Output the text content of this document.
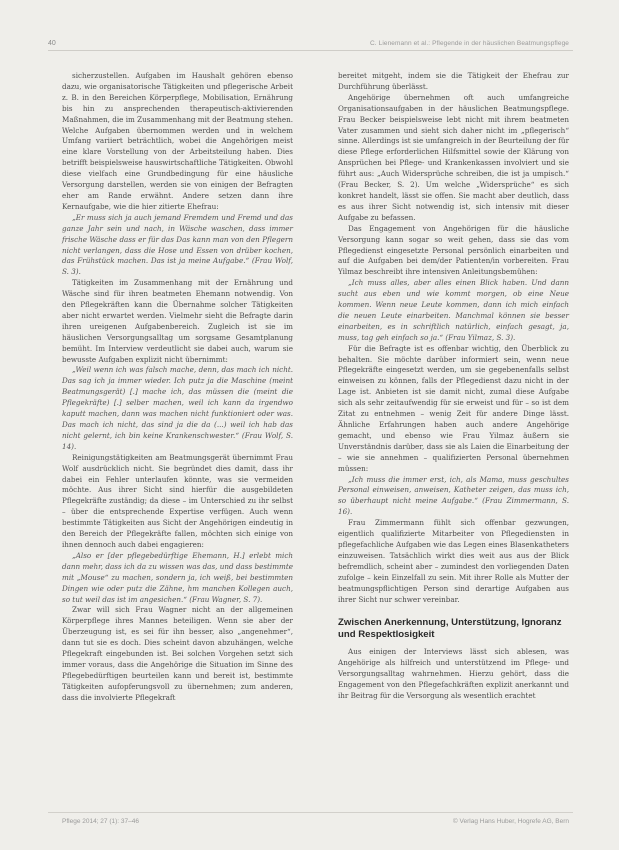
40	C. Lienemann et al.: Pflegende in der häuslichen Beatmungspflege

sicherzustellen. Aufgaben im Haushalt gehören ebenso dazu, wie organisatorische Tätigkeiten und pflegerische Arbeit z. B. in den Bereichen Körperpflege, Mobilisation, Ernährung bis hin zu ansprechenden therapeutisch-aktivierenden Maßnahmen, die im Zusammenhang mit der Beatmung stehen. Welche Aufgaben übernommen werden und in welchem Umfang variiert beträchtlich, wobei die Angehörigen meist eine klare Vorstellung von der Arbeitsteilung haben. Dies betrifft beispielsweise hauswirtschaftliche Tätigkeiten. Obwohl diese vielfach eine Grundbedingung für eine häusliche Versorgung darstellen, werden sie von einigen der Befragten eher am Rande erwähnt. Andere setzen dann ihre Kernaufgabe, wie die hier zitierte Ehefrau:

„Er muss sich ja auch jemand Fremdem und Fremd und das ganze Jahr sein und nach, in Wäsche waschen, dass immer frische Wäsche dass er für das Das kann man von den Pflegern nicht verlangen, dass die Hose und Essen von drüber kochen, das Frühstück machen. Das ist ja meine Aufgabe.“ (Frau Wolf, S. 3).

Tätigkeiten im Zusammenhang mit der Ernährung und Wäsche sind für ihren beatmeten Ehemann notwendig. Von den Pflegekräften kann die Übernahme solcher Tätigkeiten aber nicht erwartet werden. Vielmehr sieht die Befragte darin ihren ureigenen Aufgabenbereich. Zugleich ist sie im häuslichen Versorgungsalltag um sorgsame Gesamtplanung bemüht. Im Interview verdeutlicht sie dabei auch, warum sie bewusste Aufgaben explizit nicht übernimmt:

„Weil wenn ich was falsch mache, denn, das mach ich nicht. Das sag ich ja immer wieder. Ich putz ja die Maschine (meint Beatmungsgerät) [.] mache ich, das müssen die (meint die Pflegekräfte) [.] selber machen, weil ich kann da irgendwo kaputt machen, dann was machen nicht funktioniert oder was. Das mach ich nicht, das sind ja die da (...) weil ich hab das nicht gelernt, ich bin keine Krankenschwester.“ (Frau Wolf, S. 14).

Reinigungstätigkeiten am Beatmungsgerät übernimmt Frau Wolf ausdrücklich nicht. Sie begründet dies damit, dass ihr dabei ein Fehler unterlaufen könnte, was sie vermeiden möchte. Aus ihrer Sicht sind hierfür die ausgebildeten Pflegekräfte zuständig; da diese – im Unterschied zu ihr selbst – über die entsprechende Expertise verfügen. Auch wenn bestimmte Tätigkeiten aus Sicht der Angehörigen eindeutig in den Bereich der Pflegekräfte fallen, möchten sich einige von ihnen dennoch auch dabei engagieren:

„Also er [der pflegebedürftige Ehemann, H.] erlebt mich dann mehr, dass ich da zu wissen was das, und dass bestimmte mit „Mouse“ zu machen, sondern ja, ich weiß, bei bestimmten Dingen wie oder putz die Zähne, hm manchen Kollegen auch, so tut weil das ist im angesichen.“ (Frau Wagner, S. 7).

Zwar will sich Frau Wagner nicht an der allgemeinen Körperpflege ihres Mannes beteiligen. Wenn sie aber der Überzeugung ist, es sei für ihn besser, also „angenehmer“, dann tut sie es doch. Dies scheint davon abzuhängen, welche Pflegekraft eingebunden ist. Bei solchen Vorgehen setzt sich immer voraus, dass die Angehörige die Situation im Sinne des Pflegebedürftigen beurteilen kann und bereit ist, bestimmte Tätigkeiten aufopferungsvoll zu übernehmen; zum anderen, dass die involvierte Pflegekraft

bereitet mitgeht, indem sie die Tätigkeit der Ehefrau zur Durchführung überlässt.

Angehörige übernehmen oft auch umfangreiche Organisationsaufgaben in der häuslichen Beatmungspflege. Frau Becker beispielsweise lebt nicht mit ihrem beatmeten Vater zusammen und sieht sich daher nicht im „pflegerisch“ sinne. Allerdings ist sie umfangreich in der Beurteilung der für diese Pflege erforderlichen Hilfsmittel sowie der Klärung von Ansprüchen bei Pflege- und Krankenkassen involviert und sie führt aus: „Auch Widersprüche schreiben, die ist ja umpisch.“ (Frau Becker, S. 2). Um welche „Widersprüche“ es sich konkret handelt, lässt sie offen. Sie macht aber deutlich, dass es aus ihrer Sicht notwendig ist, sich intensiv mit dieser Aufgabe zu befassen.

Das Engagement von Angehörigen für die häusliche Versorgung kann sogar so weit gehen, dass sie das vom Pflegedienst eingesetzte Personal persönlich einarbeiten und auf die Aufgaben bei dem/der Patienten/in vorbereiten. Frau Yilmaz beschreibt ihre intensiven Anleitungsbemühen:

„Ich muss alles, aber alles einen Blick haben. Und dann sucht aus eben und wie kommt morgen, ob eine Neue kommen. Wenn neue Leute kommen, dann ich mich einfach die neuen Leute einarbeiten. Manchmal können sie besser einarbeiten, es in schriftlich natürlich, einfach gesagt, ja, muss, tag geh einfach so ja.“ (Frau Yilmaz, S. 3).

Für die Befragte ist es offenbar wichtig, den Überblick zu behalten. Sie möchte darüber informiert sein, wenn neue Pflegekräfte eingesetzt werden, um sie gegebenenfalls selbst einweisen zu können, falls der Pflegedienst dazu nicht in der Lage ist. Anbieten ist sie damit nicht, zumal diese Aufgabe sich als sehr zeitaufwendig für sie erweist und für – so ist dem Zitat zu entnehmen – wenig Zeit für andere Dinge lässt. Ähnliche Erfahrungen haben auch andere Angehörige gemacht, und ebenso wie Frau Yilmaz äußern sie Unverständnis darüber, dass sie als Laien die Einarbeitung der – wie sie annehmen – qualifizierten Personal übernehmen müssen:

„Ich muss die immer erst, ich, als Mama, muss geschultes Personal einweisen, anweisen, Katheter zeigen, das muss ich, so überhaupt nicht meine Aufgabe.“ (Frau Zimmermann, S. 16).

Frau Zimmermann fühlt sich offenbar gezwungen, eigentlich qualifizierte Mitarbeiter von Pflegediensten in pflegefachliche Aufgaben wie das Legen eines Blasenkatheters einzuweisen. Tatsächlich wirkt dies weit aus aus der Blick befremdlich, scheint aber – zumindest den vorliegenden Daten zufolge – kein Einzelfall zu sein. Mit ihrer Rolle als Mutter der beatmungspflichtigen Person sind derartige Aufgaben aus ihrer Sicht nur schwer vereinbar.

Zwischen Anerkennung, Unterstützung, Ignoranz und Respektlosigkeit

Aus einigen der Interviews lässt sich ablesen, was Angehörige als hilfreich und unterstützend im Pflege- und Versorgungsalltag wahrnehmen. Hierzu gehört, dass die Engagement von den Pflegefachkräften explizit anerkannt und ihr Beitrag für die Versorgung als wesentlich erachtet

Pflege 2014; 27 (1): 37–46	© Verlag Hans Huber, Hogrefe AG, Bern
